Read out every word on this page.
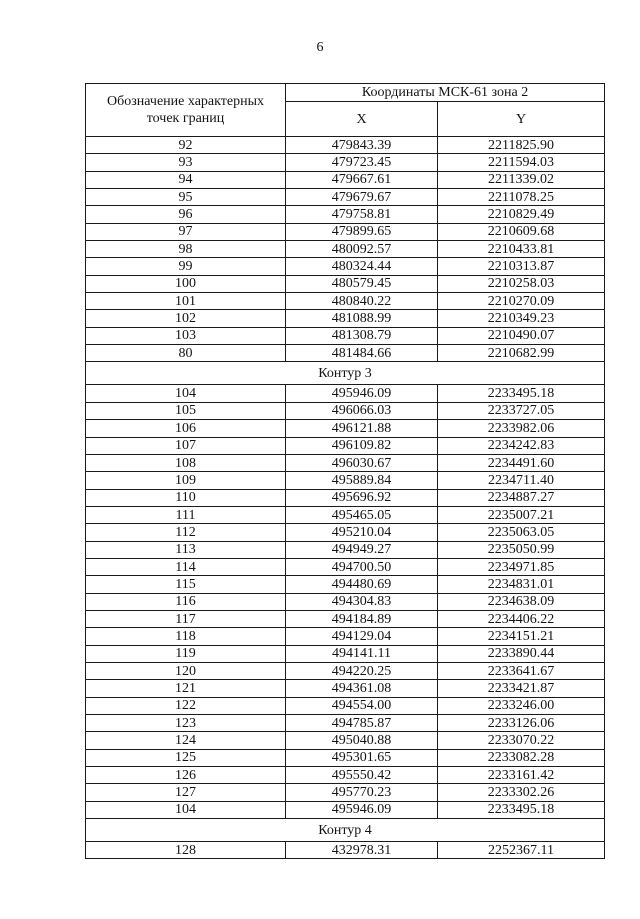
6
Обозначение характерных точек границ	Координаты МСК-61 зона 2	
	X	Y
92	479843.39	2211825.90
93	479723.45	2211594.03
94	479667.61	2211339.02
95	479679.67	2211078.25
96	479758.81	2210829.49
97	479899.65	2210609.68
98	480092.57	2210433.81
99	480324.44	2210313.87
100	480579.45	2210258.03
101	480840.22	2210270.09
102	481088.99	2210349.23
103	481308.79	2210490.07
80	481484.66	2210682.99
Контур 3		
104	495946.09	2233495.18
105	496066.03	2233727.05
106	496121.88	2233982.06
107	496109.82	2234242.83
108	496030.67	2234491.60
109	495889.84	2234711.40
110	495696.92	2234887.27
111	495465.05	2235007.21
112	495210.04	2235063.05
113	494949.27	2235050.99
114	494700.50	2234971.85
115	494480.69	2234831.01
116	494304.83	2234638.09
117	494184.89	2234406.22
118	494129.04	2234151.21
119	494141.11	2233890.44
120	494220.25	2233641.67
121	494361.08	2233421.87
122	494554.00	2233246.00
123	494785.87	2233126.06
124	495040.88	2233070.22
125	495301.65	2233082.28
126	495550.42	2233161.42
127	495770.23	2233302.26
104	495946.09	2233495.18
Контур 4		
128	432978.31	2252367.11
